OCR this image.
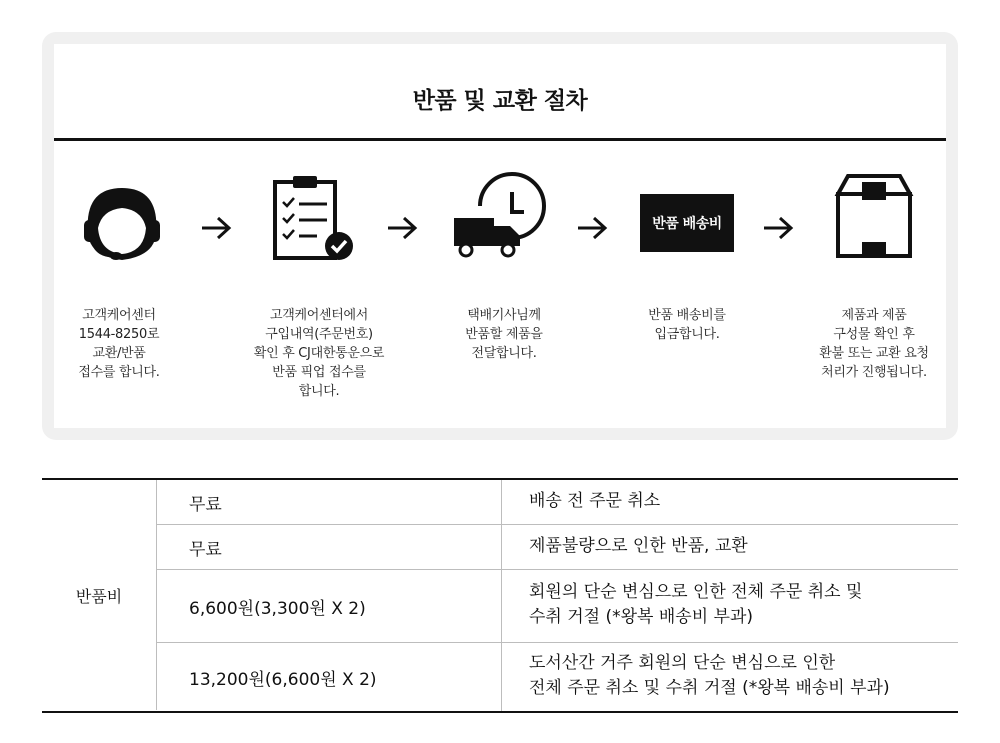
반품 및 교환 절차
고객케어센터
1544-8250로
교환/반품
접수를 합니다.
고객케어센터에서
구입내역(주문번호)
확인 후 CJ대한통운으로
반품 픽업 접수를
합니다.
택배기사님께
반품할 제품을
전달합니다.
반품 배송비
반품 배송비를
입금합니다.
제품과 제품
구성물 확인 후
환불 또는 교환 요청
처리가 진행됩니다.
반품비
무료	배송 전 주문 취소
무료	제품불량으로 인한 반품, 교환
6,600원(3,300원 X 2)
회원의 단순 변심으로 인한 전체 주문 취소 및
수취 거절 (*왕복 배송비 부과)
13,200원(6,600원 X 2)
도서산간 거주 회원의 단순 변심으로 인한
전체 주문 취소 및 수취 거절 (*왕복 배송비 부과)
